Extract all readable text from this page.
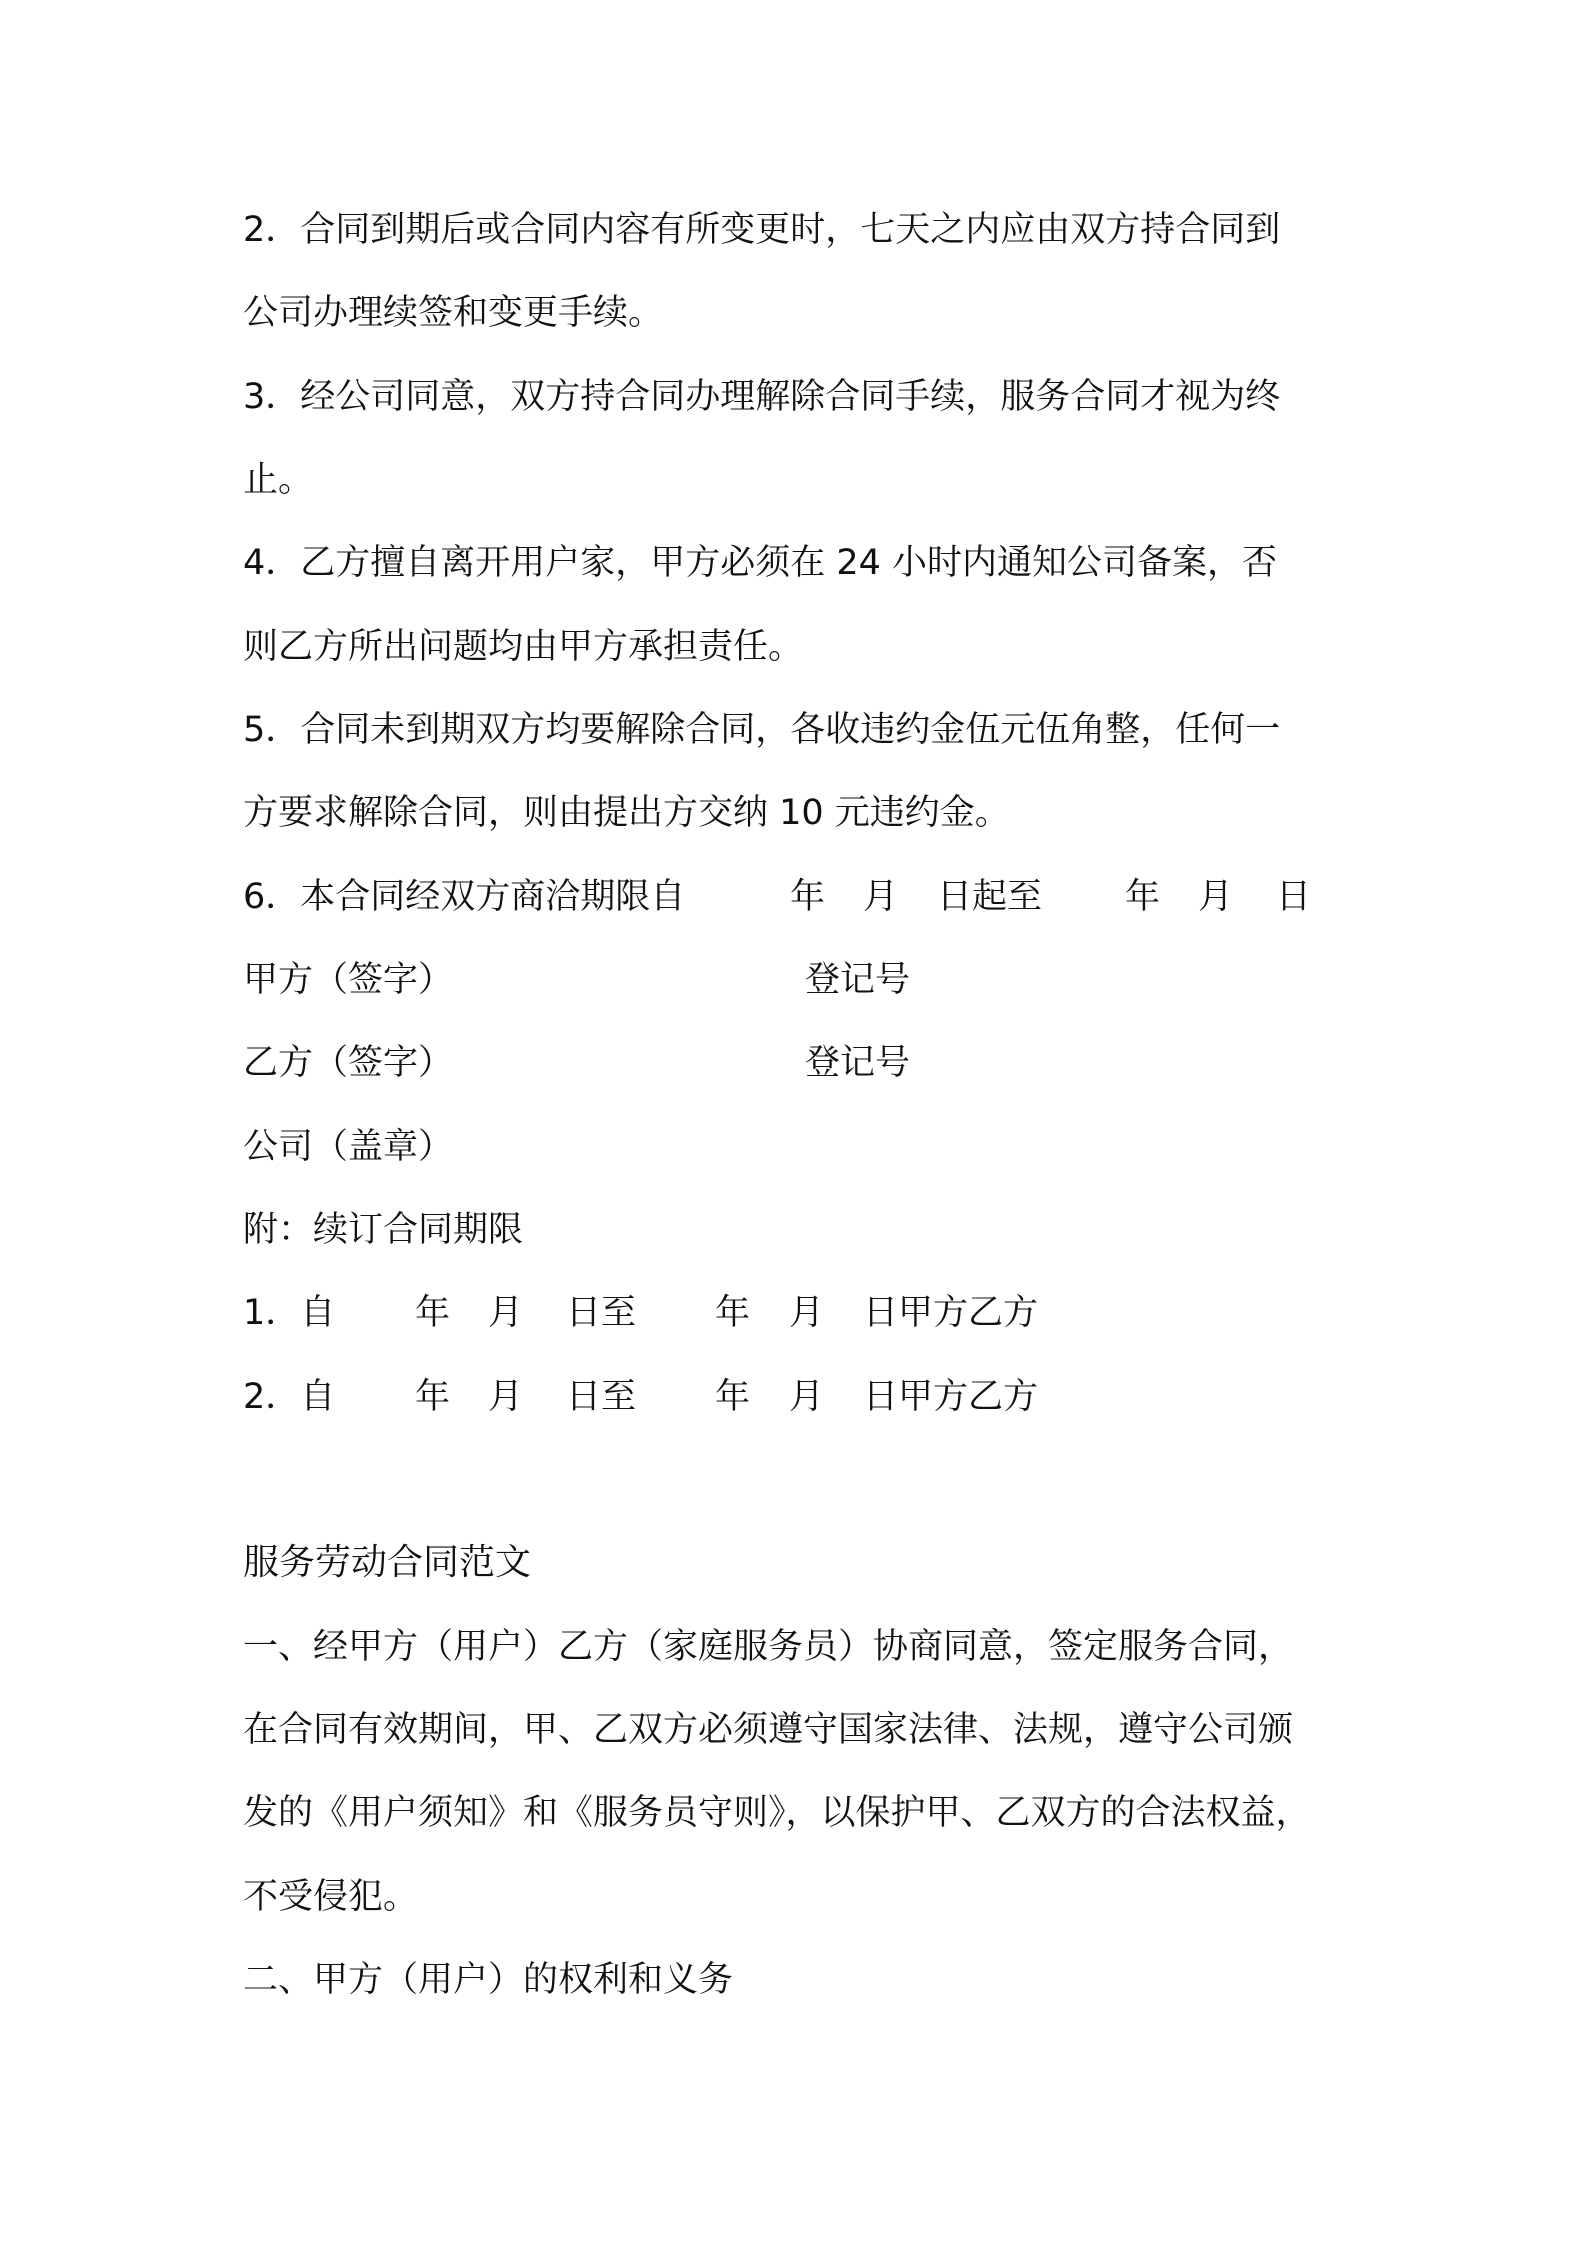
2．合同到期后或合同内容有所变更时，七天之内应由双方持合同到
公司办理续签和变更手续。
3．经公司同意，双方持合同办理解除合同手续，服务合同才视为终
止。
4．乙方擅自离开用户家，甲方必须在 24 小时内通知公司备案，否
则乙方所出问题均由甲方承担责任。
5．合同未到期双方均要解除合同，各收违约金伍元伍角整，任何一
方要求解除合同，则由提出方交纳 10 元违约金。
6．本合同经双方商洽期限自	年 月 日起至 年 月 日
甲方（签字）	登记号
乙方（签字）	登记号
公司（盖章）
附：续订合同期限
1．自 年 月 日至 年 月 日甲方乙方
2．自 年 月 日至 年 月 日甲方乙方
服务劳动合同范文
一、经甲方（用户）乙方（家庭服务员）协商同意，签定服务合同，
在合同有效期间，甲、乙双方必须遵守国家法律、法规，遵守公司颁
发的《用户须知》和《服务员守则》，以保护甲、乙双方的合法权益，
不受侵犯。
二、甲方（用户）的权利和义务
